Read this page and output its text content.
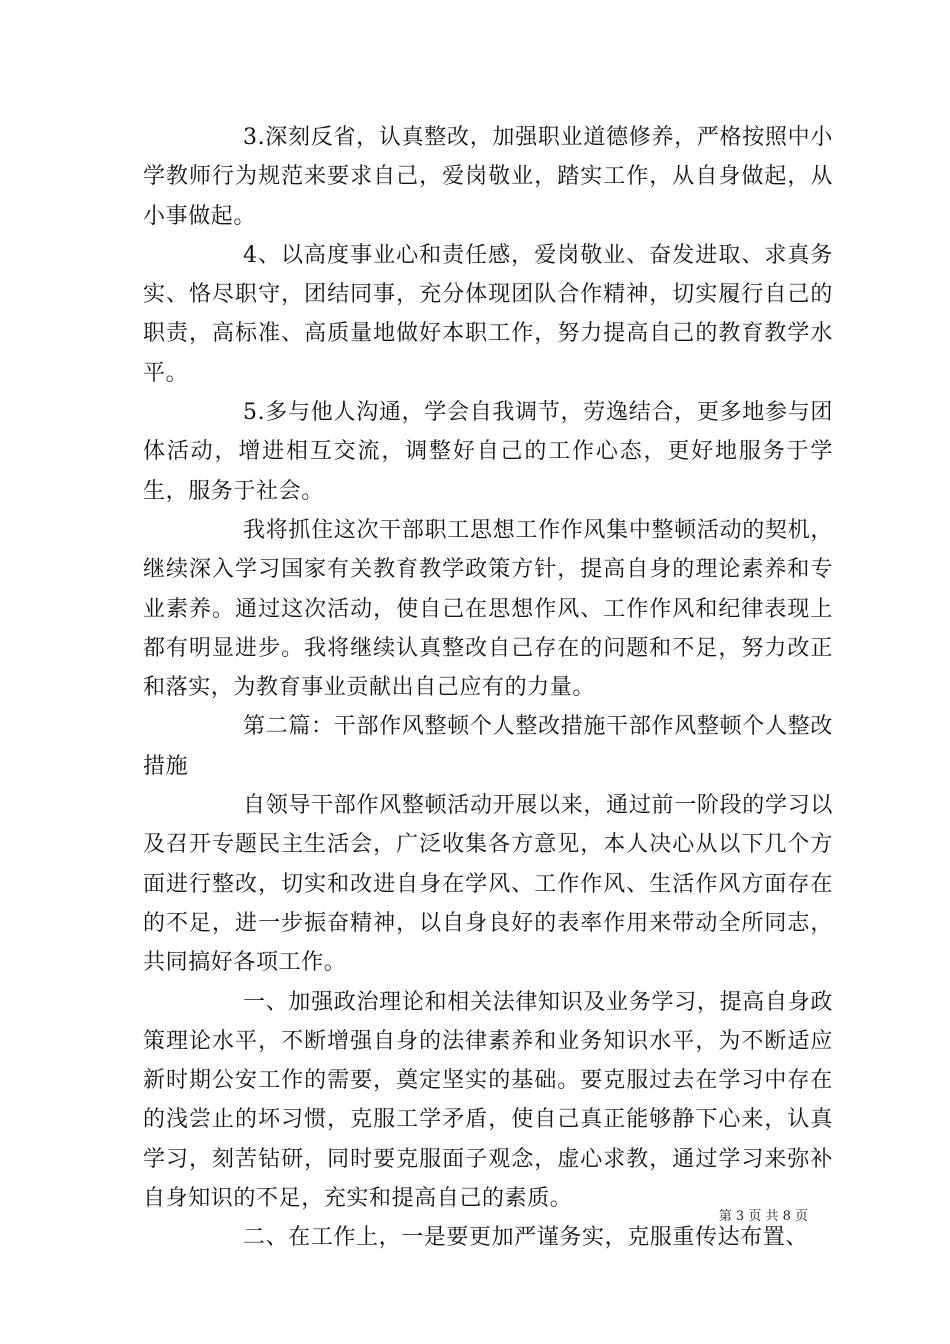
3.深刻反省，认真整改，加强职业道德修养，严格按照中小学教师行为规范来要求自己，爱岗敬业，踏实工作，从自身做起，从小事做起。

4、以高度事业心和责任感，爱岗敬业、奋发进取、求真务实、恪尽职守，团结同事，充分体现团队合作精神，切实履行自己的职责，高标准、高质量地做好本职工作，努力提高自己的教育教学水平。

5.多与他人沟通，学会自我调节，劳逸结合，更多地参与团体活动，增进相互交流，调整好自己的工作心态，更好地服务于学生，服务于社会。

我将抓住这次干部职工思想工作作风集中整顿活动的契机，继续深入学习国家有关教育教学政策方针，提高自身的理论素养和专业素养。通过这次活动，使自己在思想作风、工作作风和纪律表现上都有明显进步。我将继续认真整改自己存在的问题和不足，努力改正和落实，为教育事业贡献出自己应有的力量。

第二篇：干部作风整顿个人整改措施干部作风整顿个人整改措施

自领导干部作风整顿活动开展以来，通过前一阶段的学习以及召开专题民主生活会，广泛收集各方意见，本人决心从以下几个方面进行整改，切实和改进自身在学风、工作作风、生活作风方面存在的不足，进一步振奋精神，以自身良好的表率作用来带动全所同志，共同搞好各项工作。

一、加强政治理论和相关法律知识及业务学习，提高自身政策理论水平，不断增强自身的法律素养和业务知识水平，为不断适应新时期公安工作的需要，奠定坚实的基础。要克服过去在学习中存在的浅尝止的坏习惯，克服工学矛盾，使自己真正能够静下心来，认真学习，刻苦钻研，同时要克服面子观念，虚心求教，通过学习来弥补自身知识的不足，充实和提高自己的素质。

二、在工作上，一是要更加严谨务实，克服重传达布置、

第 3 页 共 8 页
